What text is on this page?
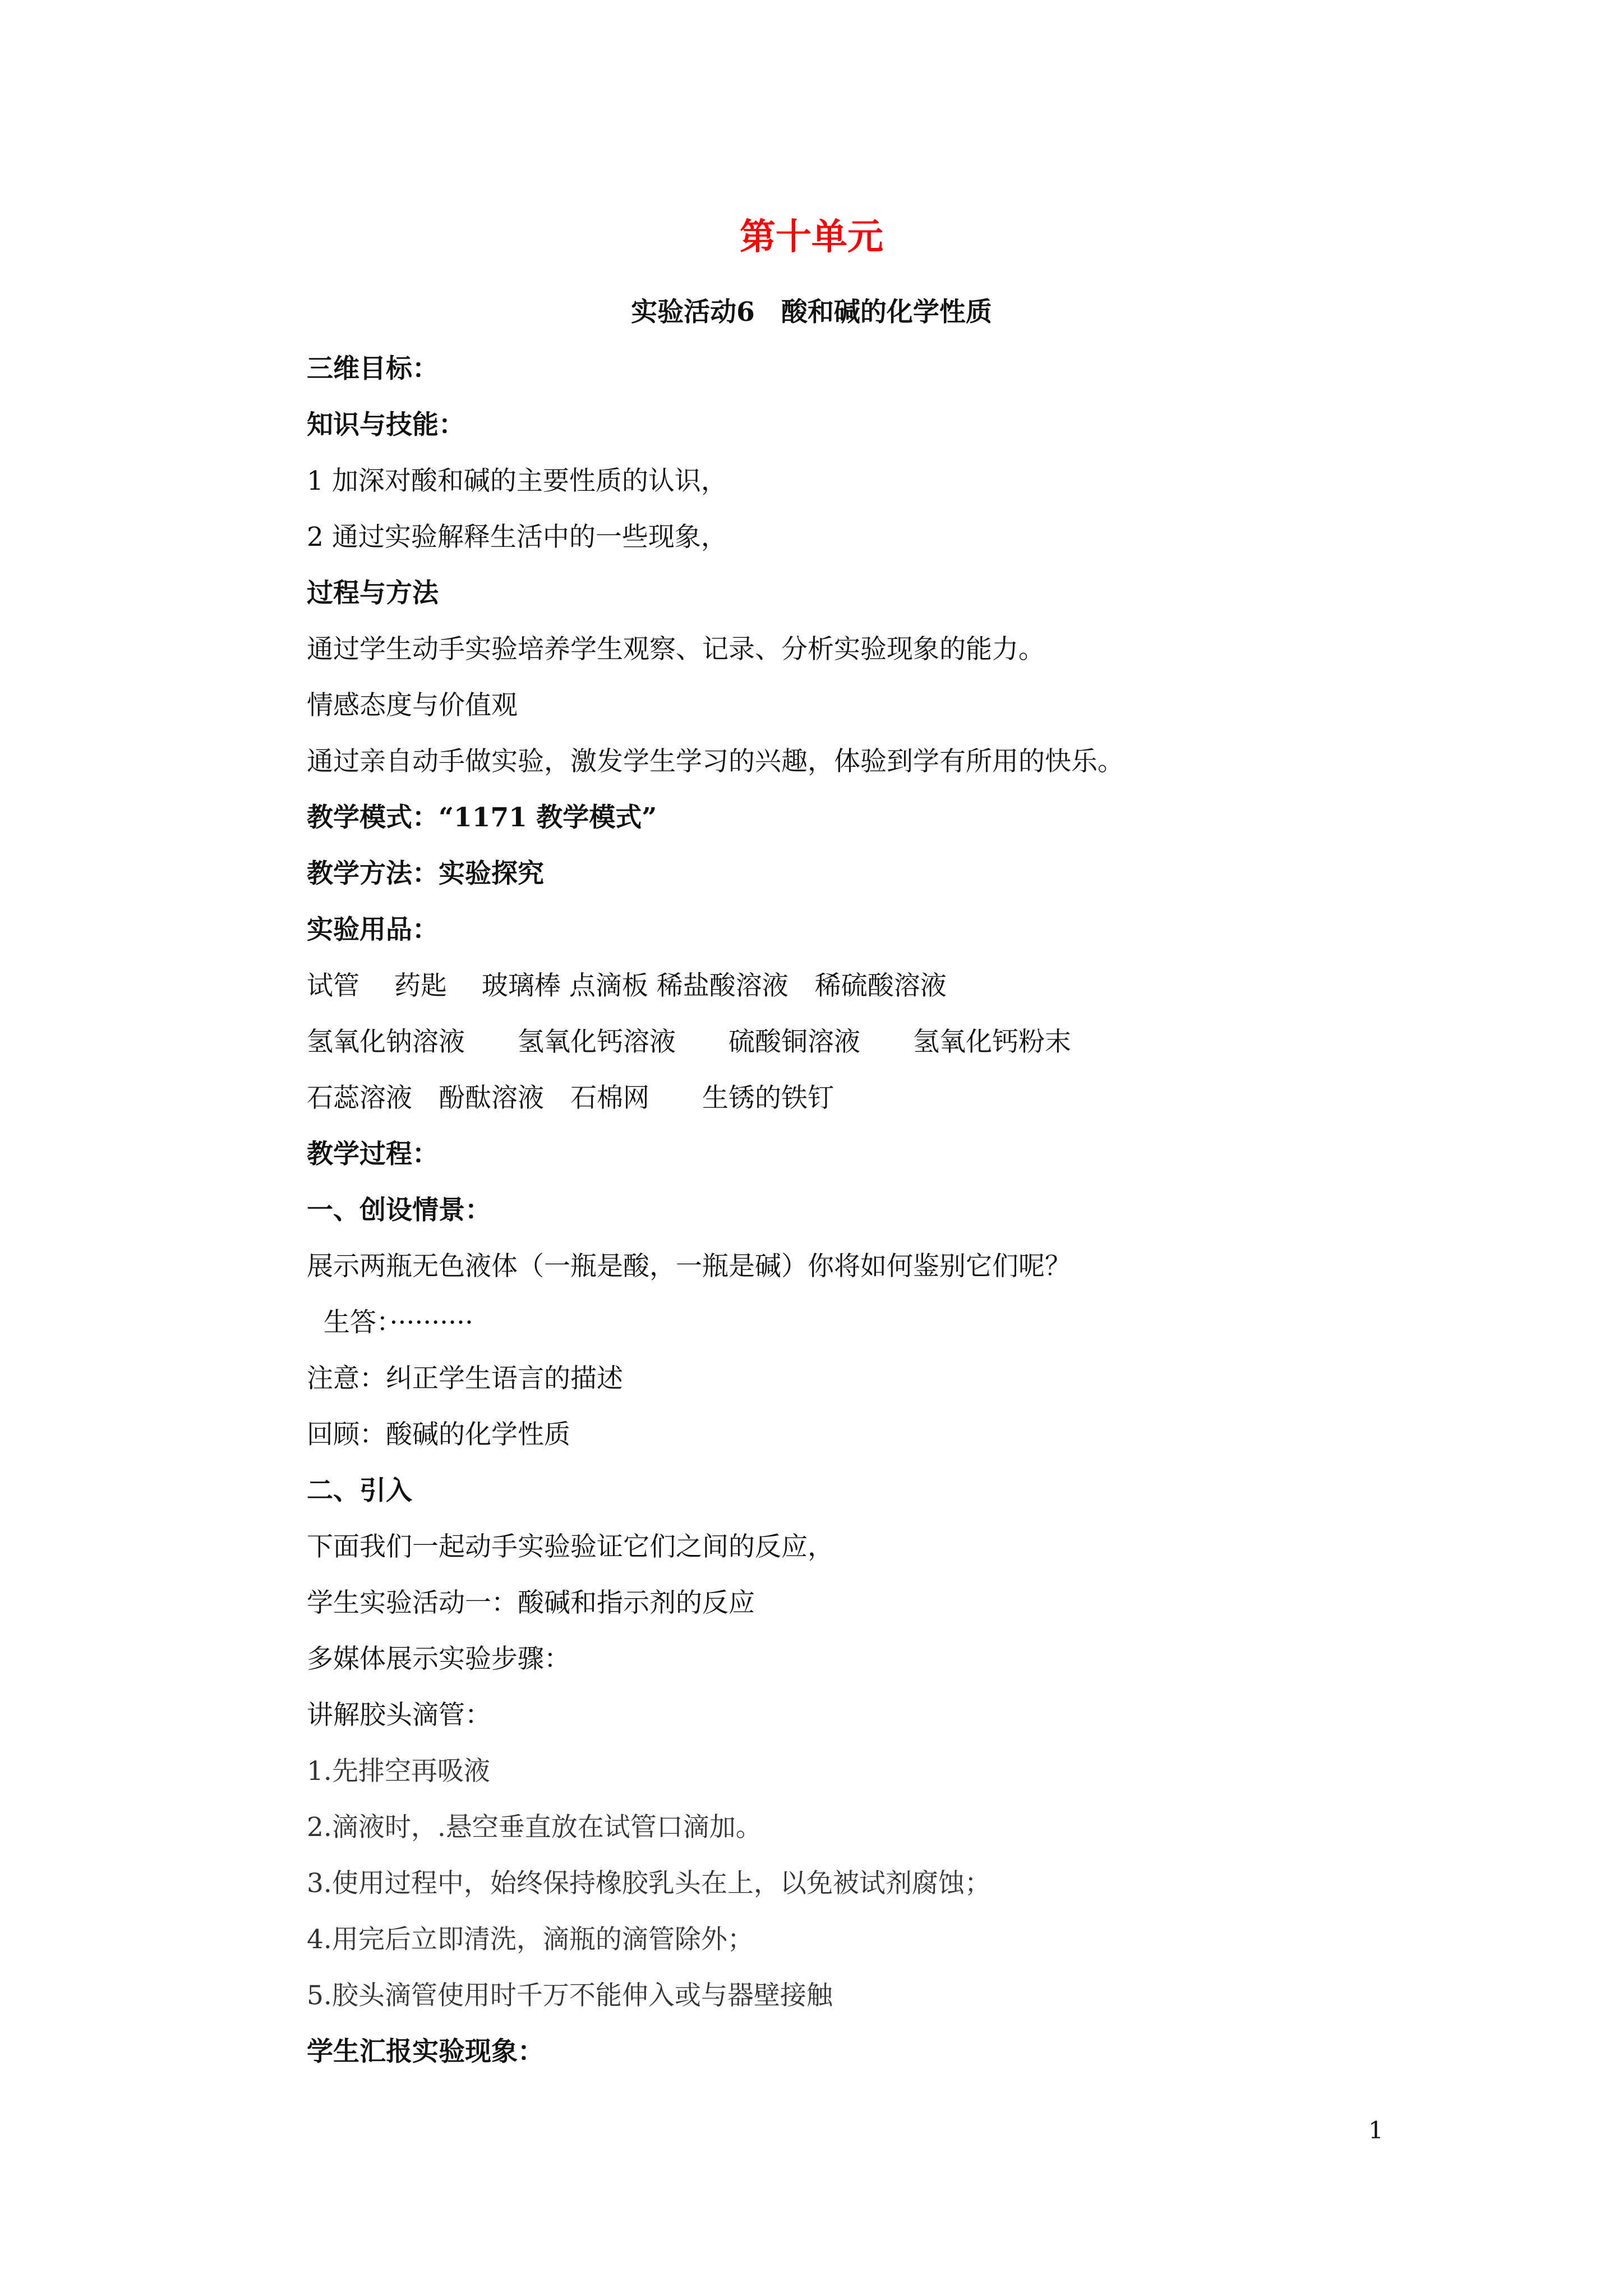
第十单元
实验活动6　酸和碱的化学性质
三维目标：
知识与技能：
1 加深对酸和碱的主要性质的认识，
2 通过实验解释生活中的一些现象，
过程与方法
通过学生动手实验培养学生观察、记录、分析实验现象的能力。
情感态度与价值观
通过亲自动手做实验，激发学生学习的兴趣，体验到学有所用的快乐。
教学模式：“1171 教学模式”
教学方法：实验探究
实验用品：
试管　 药匙　 玻璃棒 点滴板 稀盐酸溶液　稀硫酸溶液
氢氧化钠溶液　　氢氧化钙溶液　　硫酸铜溶液　　氢氧化钙粉末
石蕊溶液　酚酞溶液　石棉网　　生锈的铁钉
教学过程：
一、创设情景：
展示两瓶无色液体（一瓶是酸，一瓶是碱）你将如何鉴别它们呢？
生答：··········
注意：纠正学生语言的描述
回顾：酸碱的化学性质
二、引入
下面我们一起动手实验验证它们之间的反应，
学生实验活动一：酸碱和指示剂的反应
多媒体展示实验步骤：
讲解胶头滴管：
1.先排空再吸液
2.滴液时，.悬空垂直放在试管口滴加。
3.使用过程中，始终保持橡胶乳头在上，以免被试剂腐蚀；
4.用完后立即清洗，滴瓶的滴管除外；
5.胶头滴管使用时千万不能伸入或与器壁接触
学生汇报实验现象：
1
